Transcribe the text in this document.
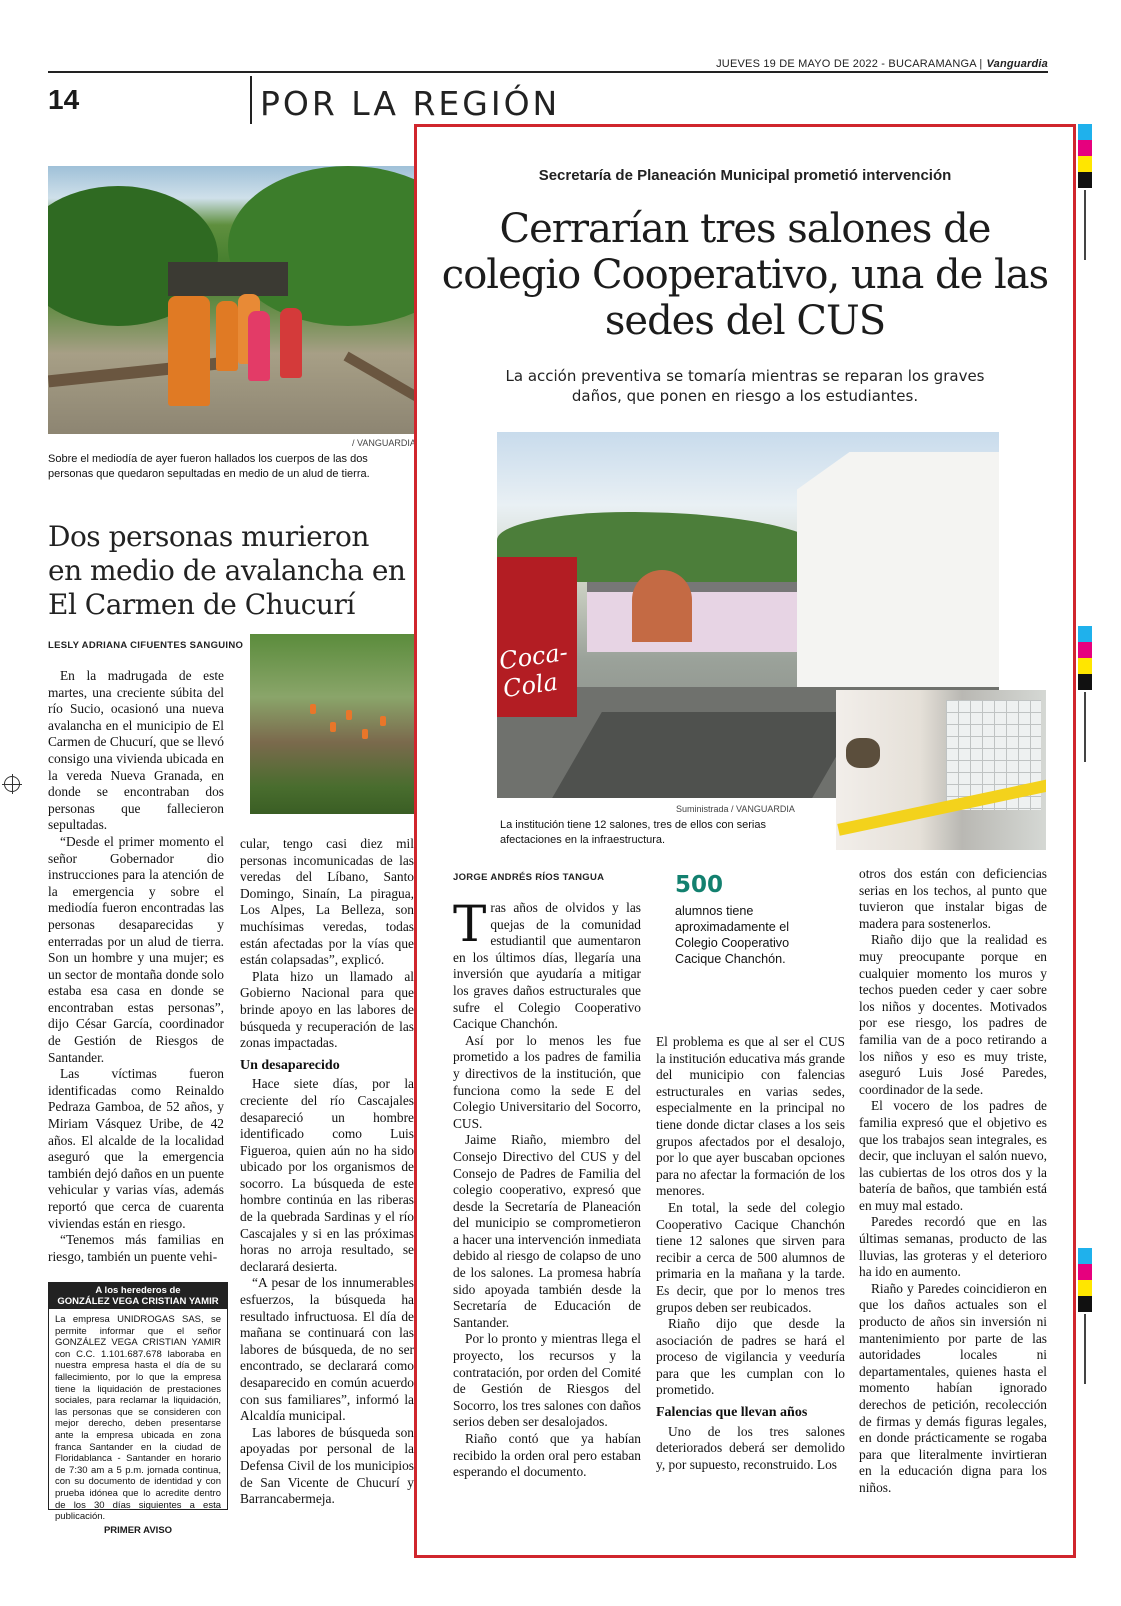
JUEVES 19 DE MAYO DE 2022 - BUCARAMANGA | Vanguardia
14	POR LA REGIÓN
/ VANGUARDIA
Sobre el mediodía de ayer fueron hallados los cuerpos de las dos personas que quedaron sepultadas en medio de un alud de tierra.
Dos personas murieron en medio de avalancha en El Carmen de Chucurí
LESLY ADRIANA CIFUENTES SANGUINO

En la madrugada de este martes, una creciente súbita del río Sucio, ocasionó una nueva avalancha en el municipio de El Carmen de Chucurí, que se llevó consigo una vivienda ubicada en la vereda Nueva Granada, en donde se encontraban dos personas que fallecieron sepultadas.

“Desde el primer momento el señor Gobernador dio instrucciones para la atención de la emergencia y sobre el mediodía fueron encontradas las personas desaparecidas y enterradas por un alud de tierra. Son un hombre y una mujer; es un sector de montaña donde solo estaba esa casa en donde se encontraban estas personas”, dijo César García, coordinador de Gestión de Riesgos de Santander.

Las víctimas fueron identificadas como Reinaldo Pedraza Gamboa, de 52 años, y Miriam Vásquez Uribe, de 42 años. El alcalde de la localidad aseguró que la emergencia también dejó daños en un puente vehicular y varias vías, además reportó que cerca de cuarenta viviendas están en riesgo.

“Tenemos más familias en riesgo, también un puente vehi-

cular, tengo casi diez mil personas incomunicadas de las veredas del Líbano, Santo Domingo, Sinaín, La piragua, Los Alpes, La Belleza, son muchísimas veredas, todas están afectadas por la vías que están colapsadas”, explicó.

Plata hizo un llamado al Gobierno Nacional para que brinde apoyo en las labores de búsqueda y recuperación de las zonas impactadas.

Un desaparecido

Hace siete días, por la creciente del río Cascajales desapareció un hombre identificado como Luis Figueroa, quien aún no ha sido ubicado por los organismos de socorro. La búsqueda de este hombre continúa en las riberas de la quebrada Sardinas y el río Cascajales y si en las próximas horas no arroja resultado, se declarará desierta.

“A pesar de los innumerables esfuerzos, la búsqueda ha resultado infructuosa. El día de mañana se continuará con las labores de búsqueda, de no ser encontrado, se declarará como desaparecido en común acuerdo con sus familiares”, informó la Alcaldía municipal.

Las labores de búsqueda son apoyadas por personal de la Defensa Civil de los municipios de San Vicente de Chucurí y Barrancabermeja.

A los herederos de
GONZÁLEZ VEGA CRISTIAN YAMIR
La empresa UNIDROGAS SAS, se permite informar que el señor GONZÁLEZ VEGA CRISTIAN YAMIR con C.C. 1.101.687.678 laboraba en nuestra empresa hasta el día de su fallecimiento, por lo que la empresa tiene la liquidación de prestaciones sociales, para reclamar la liquidación, las personas que se consideren con mejor derecho, deben presentarse ante la empresa ubicada en zona franca Santander en la ciudad de Floridablanca - Santander en horario de 7:30 am a 5 p.m. jornada continua, con su documento de identidad y con prueba idónea que lo acredite dentro de los 30 días siguientes a esta publicación.
PRIMER AVISO
Secretaría de Planeación Municipal prometió intervención
Cerrarían tres salones de colegio Cooperativo, una de las sedes del CUS
La acción preventiva se tomaría mientras se reparan los graves daños, que ponen en riesgo a los estudiantes.
Coca-Cola
Suministrada / VANGUARDIA
La institución tiene 12 salones, tres de ellos con serias afectaciones en la infraestructura.
JORGE ANDRÉS RÍOS TANGUA	500
alumnos tiene aproximadamente el Colegio Cooperativo Cacique Chanchón.

Tras años de olvidos y las quejas de la comunidad estudiantil que aumentaron en los últimos días, llegaría una inversión que ayudaría a mitigar los graves daños estructurales que sufre el Colegio Cooperativo Cacique Chanchón.

Así por lo menos les fue prometido a los padres de familia y directivos de la institución, que funciona como la sede E del Colegio Universitario del Socorro, CUS.

Jaime Riaño, miembro del Consejo Directivo del CUS y del Consejo de Padres de Familia del colegio cooperativo, expresó que desde la Secretaría de Planeación del municipio se comprometieron a hacer una intervención inmediata debido al riesgo de colapso de uno de los salones. La promesa habría sido apoyada también desde la Secretaría de Educación de Santander.

Por lo pronto y mientras llega el proyecto, los recursos y la contratación, por orden del Comité de Gestión de Riesgos del Socorro, los tres salones con daños serios deben ser desalojados.

Riaño contó que ya habían recibido la orden oral pero estaban esperando el documento.

El problema es que al ser el CUS la institución educativa más grande del municipio con falencias estructurales en varias sedes, especialmente en la principal no tiene donde dictar clases a los seis grupos afectados por el desalojo, por lo que ayer buscaban opciones para no afectar la formación de los menores.

En total, la sede del colegio Cooperativo Cacique Chanchón tiene 12 salones que sirven para recibir a cerca de 500 alumnos de primaria en la mañana y la tarde. Es decir, que por lo menos tres grupos deben ser reubicados.

Riaño dijo que desde la asociación de padres se hará el proceso de vigilancia y veeduría para que les cumplan con lo prometido.

Falencias que llevan años

Uno de los tres salones deteriorados deberá ser demolido y, por supuesto, reconstruido. Los

otros dos están con deficiencias serias en los techos, al punto que tuvieron que instalar bigas de madera para sostenerlos.

Riaño dijo que la realidad es muy preocupante porque en cualquier momento los muros y techos pueden ceder y caer sobre los niños y docentes. Motivados por ese riesgo, los padres de familia van de a poco retirando a los niños y eso es muy triste, aseguró Luis José Paredes, coordinador de la sede.

El vocero de los padres de familia expresó que el objetivo es que los trabajos sean integrales, es decir, que incluyan el salón nuevo, las cubiertas de los otros dos y la batería de baños, que también está en muy mal estado.

Paredes recordó que en las últimas semanas, producto de las lluvias, las groteras y el deterioro ha ido en aumento.

Riaño y Paredes coincidieron en que los daños actuales son el producto de años sin inversión ni mantenimiento por parte de las autoridades locales ni departamentales, quienes hasta el momento habían ignorado derechos de petición, recolección de firmas y demás figuras legales, en donde prácticamente se rogaba para que literalmente invirtieran en la educación digna para los niños.
